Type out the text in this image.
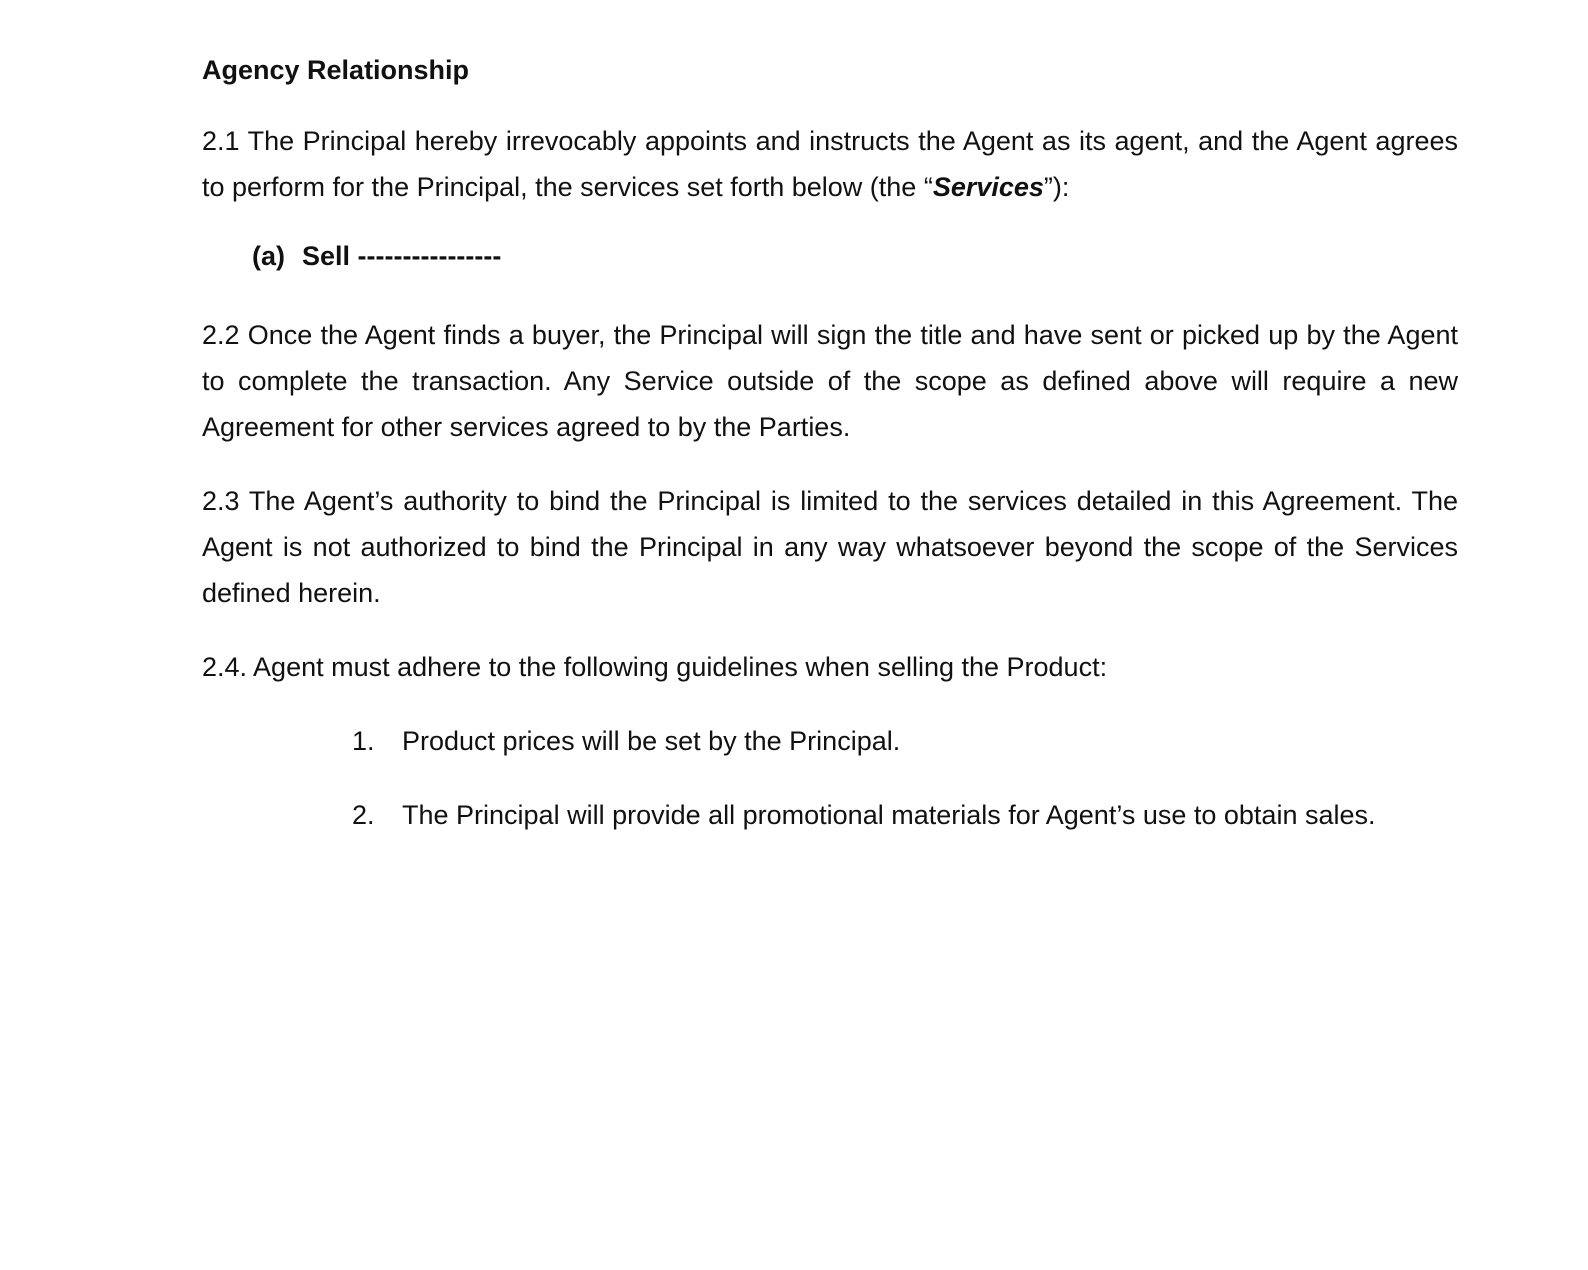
Agency Relationship
2.1 The Principal hereby irrevocably appoints and instructs the Agent as its agent, and the Agent agrees to perform for the Principal, the services set forth below (the “Services”):
(a) Sell ----------------
2.2 Once the Agent finds a buyer, the Principal will sign the title and have sent or picked up by the Agent to complete the transaction. Any Service outside of the scope as defined above will require a new Agreement for other services agreed to by the Parties.
2.3 The Agent’s authority to bind the Principal is limited to the services detailed in this Agreement. The Agent is not authorized to bind the Principal in any way whatsoever beyond the scope of the Services defined herein.
2.4. Agent must adhere to the following guidelines when selling the Product:
1.	Product prices will be set by the Principal.
2.	The Principal will provide all promotional materials for Agent’s use to obtain sales.
